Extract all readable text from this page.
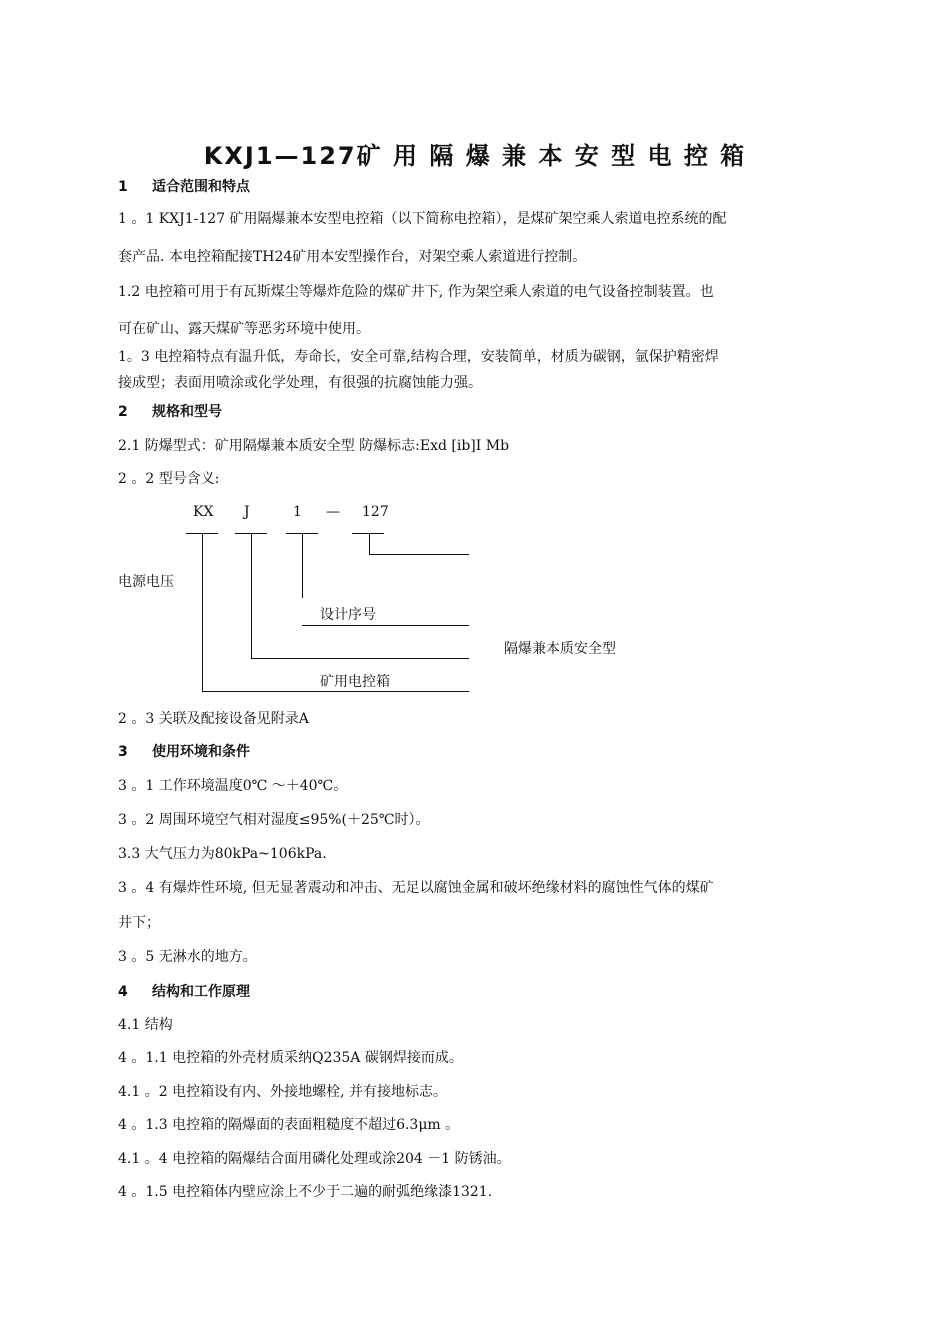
KXJ1—127矿 用 隔 爆 兼 本 安 型 电 控 箱
1 适合范围和特点
1 。1 KXJ1-127 矿用隔爆兼本安型电控箱（以下简称电控箱），是煤矿架空乘人索道电控系统的配
套产品. 本电控箱配接TH24矿用本安型操作台，对架空乘人索道进行控制。
1.2 电控箱可用于有瓦斯煤尘等爆炸危险的煤矿井下, 作为架空乘人索道的电气设备控制装置。也
可在矿山、露天煤矿等恶劣环境中使用。
1。3 电控箱特点有温升低，寿命长，安全可靠,结构合理，安装简单，材质为碳钢，氩保护精密焊
接成型；表面用喷涂或化学处理，有很强的抗腐蚀能力强。
2 规格和型号
2.1 防爆型式：矿用隔爆兼本质安全型 防爆标志:Exd [ib]I Mb
2 。2 型号含义:
KX J	1 — 127
电源电压
设计序号
隔爆兼本质安全型
矿用电控箱
2 。3 关联及配接设备见附录A
3 使用环境和条件
3 。1 工作环境温度0℃ ～＋40℃。
3 。2 周围环境空气相对湿度≤95%(＋25℃时）。
3.3 大气压力为80kPa~106kPa.
3 。4 有爆炸性环境, 但无显著震动和冲击、无足以腐蚀金属和破坏绝缘材料的腐蚀性气体的煤矿
井下；
3 。5 无淋水的地方。
4 结构和工作原理
4.1 结构
4 。1.1 电控箱的外壳材质采纳Q235A 碳钢焊接而成。
4.1 。2 电控箱设有内、外接地螺栓, 并有接地标志。
4 。1.3 电控箱的隔爆面的表面粗糙度不超过6.3μm 。
4.1 。4 电控箱的隔爆结合面用磷化处理或涂204 －1 防锈油。
4 。1.5 电控箱体内壁应涂上不少于二遍的耐弧绝缘漆1321.
